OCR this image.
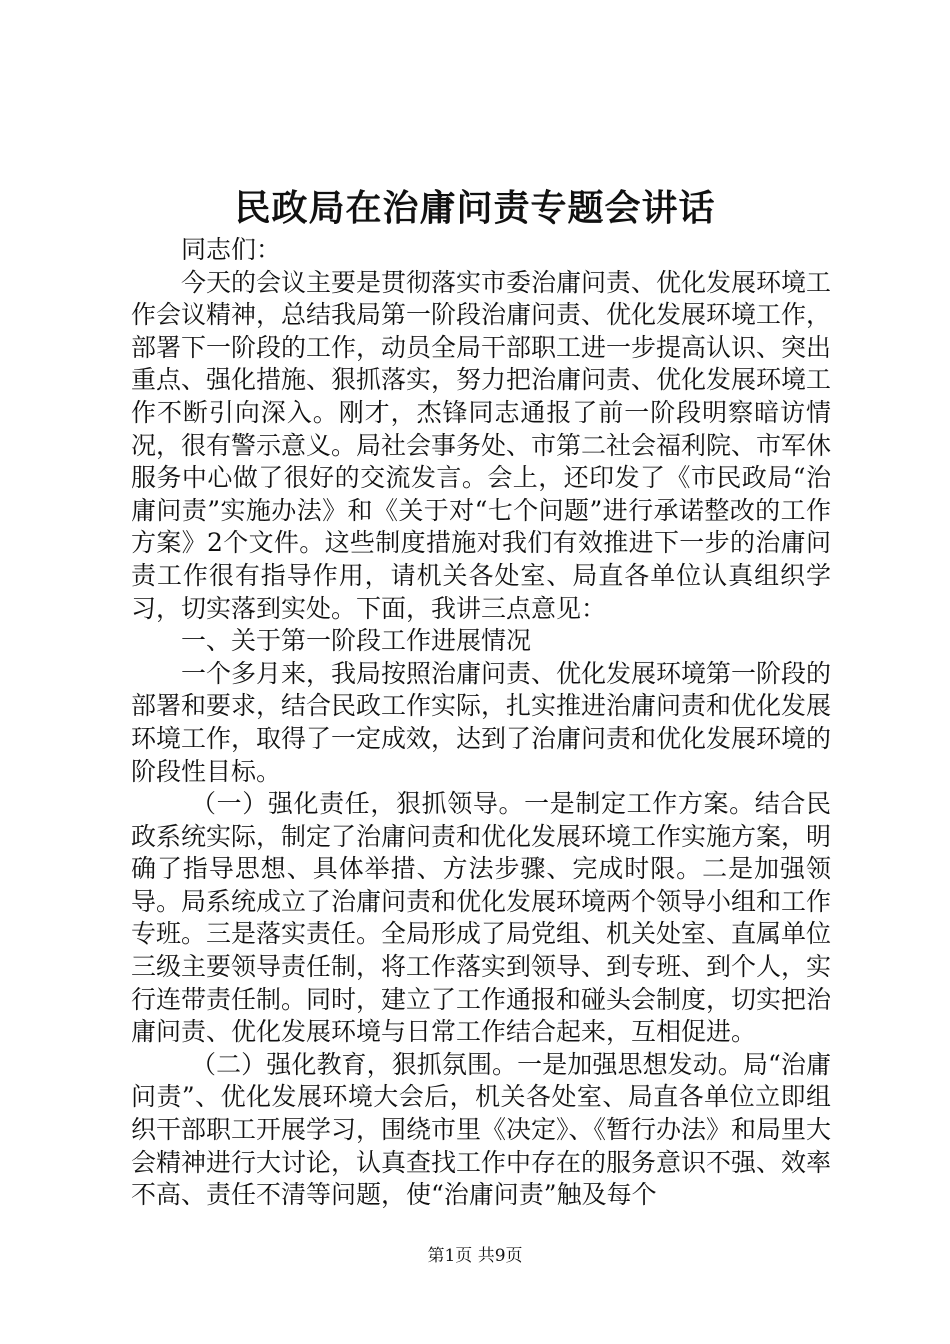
民政局在治庸问责专题会讲话

同志们：

今天的会议主要是贯彻落实市委治庸问责、优化发展环境工作会议精神，总结我局第一阶段治庸问责、优化发展环境工作，部署下一阶段的工作，动员全局干部职工进一步提高认识、突出重点、强化措施、狠抓落实，努力把治庸问责、优化发展环境工作不断引向深入。刚才，杰锋同志通报了前一阶段明察暗访情况，很有警示意义。局社会事务处、市第二社会福利院、市军休服务中心做了很好的交流发言。会上，还印发了《市民政局“治庸问责”实施办法》和《关于对“七个问题”进行承诺整改的工作方案》2个文件。这些制度措施对我们有效推进下一步的治庸问责工作很有指导作用，请机关各处室、局直各单位认真组织学习，切实落到实处。下面，我讲三点意见：

一、关于第一阶段工作进展情况

一个多月来，我局按照治庸问责、优化发展环境第一阶段的部署和要求，结合民政工作实际，扎实推进治庸问责和优化发展环境工作，取得了一定成效，达到了治庸问责和优化发展环境的阶段性目标。

（一）强化责任，狠抓领导。一是制定工作方案。结合民政系统实际，制定了治庸问责和优化发展环境工作实施方案，明确了指导思想、具体举措、方法步骤、完成时限。二是加强领导。局系统成立了治庸问责和优化发展环境两个领导小组和工作专班。三是落实责任。全局形成了局党组、机关处室、直属单位三级主要领导责任制，将工作落实到领导、到专班、到个人，实行连带责任制。同时，建立了工作通报和碰头会制度，切实把治庸问责、优化发展环境与日常工作结合起来，互相促进。

（二）强化教育，狠抓氛围。一是加强思想发动。局“治庸问责”、优化发展环境大会后，机关各处室、局直各单位立即组织干部职工开展学习，围绕市里《决定》、《暂行办法》和局里大会精神进行大讨论，认真查找工作中存在的服务意识不强、效率不高、责任不清等问题，使“治庸问责”触及每个

第1页 共9页
